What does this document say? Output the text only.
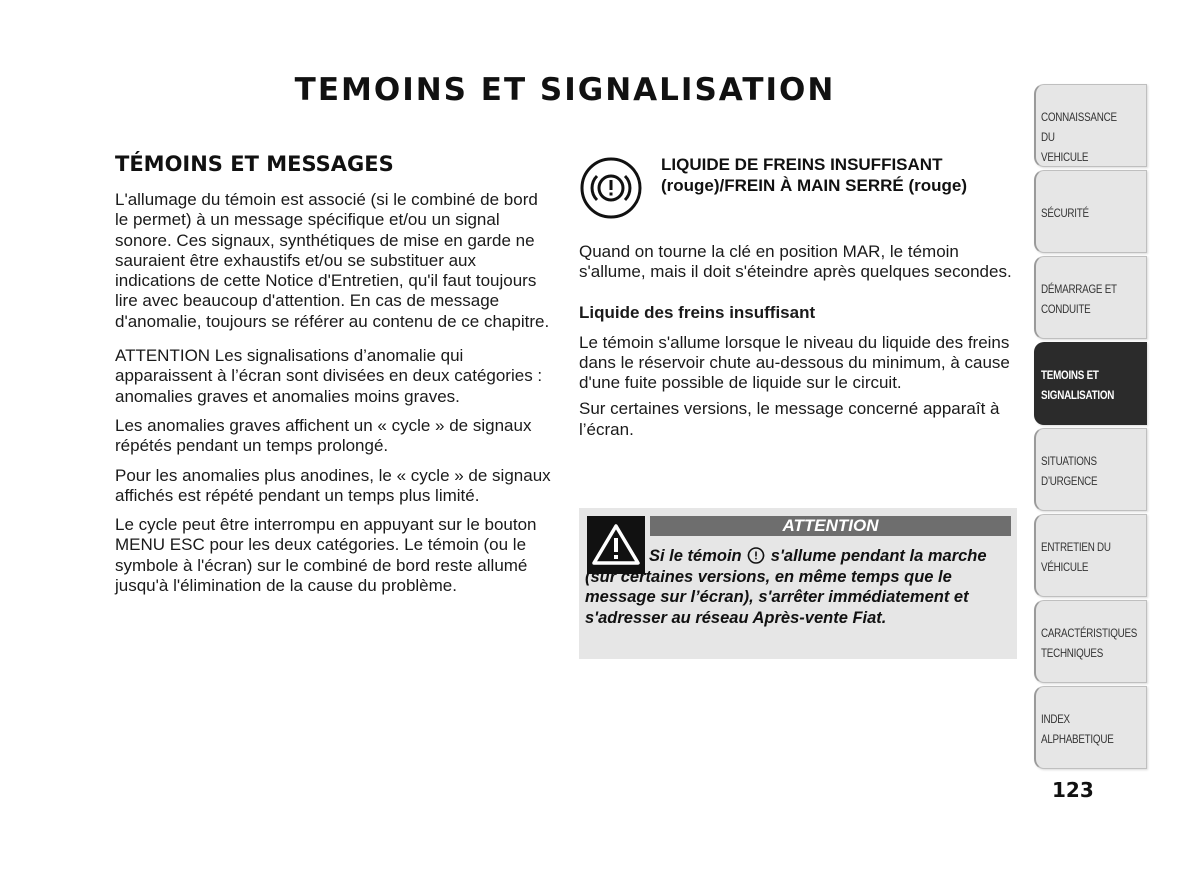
TEMOINS ET SIGNALISATION
TÉMOINS ET MESSAGES

L'allumage du témoin est associé (si le combiné de bord le permet) à un message spécifique et/ou un signal sonore. Ces signaux, synthétiques de mise en garde ne sauraient être exhaustifs et/ou se substituer aux indications de cette Notice d'Entretien, qu'il faut toujours lire avec beaucoup d'attention. En cas de message d'anomalie, toujours se référer au contenu de ce chapitre.

ATTENTION Les signalisations d’anomalie qui apparaissent à l’écran sont divisées en deux catégories : anomalies graves et anomalies moins graves.

Les anomalies graves affichent un « cycle » de signaux répétés pendant un temps prolongé.

Pour les anomalies plus anodines, le « cycle » de signaux affichés est répété pendant un temps plus limité.

Le cycle peut être interrompu en appuyant sur le bouton MENU ESC pour les deux catégories. Le témoin (ou le symbole à l'écran) sur le combiné de bord reste allumé jusqu'à l'élimination de la cause du problème.

LIQUIDE DE FREINS INSUFFISANT (rouge)/FREIN À MAIN SERRÉ (rouge)

Quand on tourne la clé en position MAR, le témoin s'allume, mais il doit s'éteindre après quelques secondes.

Liquide des freins insuffisant

Le témoin s'allume lorsque le niveau du liquide des freins dans le réservoir chute au-dessous du minimum, à cause d'une fuite possible de liquide sur le circuit.

Sur certaines versions, le message concerné apparaît à l’écran.

ATTENTION
Si le témoin s'allume pendant la marche (sur certaines versions, en même temps que le message sur l’écran), s'arrêter immédiatement et s'adresser au réseau Après-vente Fiat.
CONNAISSANCE DU
VEHICULE
SÉCURITÉ
DÉMARRAGE ET
CONDUITE
TEMOINS ET
SIGNALISATION
SITUATIONS
D’URGENCE
ENTRETIEN DU
VÉHICULE
CARACTÉRISTIQUES
TECHNIQUES
INDEX
ALPHABETIQUE
123
